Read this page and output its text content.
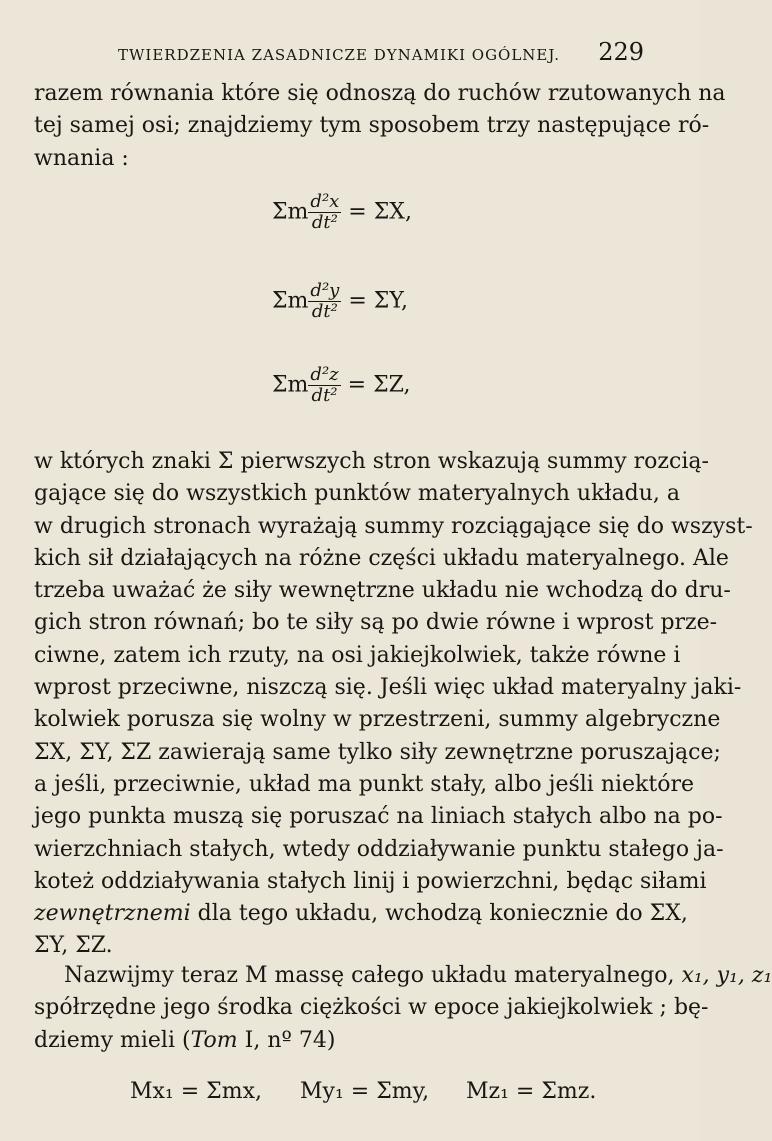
TWIERDZENIA ZASADNICZE DYNAMIKI OGÓLNEJ. 229
razem równania które się odnoszą do ruchów rzutowanych na
tej samej osi; znajdziemy tym sposobem trzy następujące ró-
wnania :
Σm $\frac{\text{d²x}}{\text{dt²}} = \Sigma X$,
Σm $\frac{\text{d²y}}{\text{dt²}} = \Sigma Y$,
Σm $\frac{\text{d²z}}{\text{dt²}} = \Sigma Z$,
w których znaki Σ pierwszych stron wskazują summy rozcią-
gające się do wszystkich punktów materyalnych układu, a
w drugich stronach wyrażają summy rozciągające się do wszyst-
kich sił działających na różne części układu materyalnego. Ale
trzeba uważać że siły wewnętrzne układu nie wchodzą do dru-
gich stron równań; bo te siły są po dwie równe i wprost prze-
ciwne, zatem ich rzuty, na osi jakiejkolwiek, także równe i
wprost przeciwne, niszczą się. Jeśli więc układ materyalny jaki-
kolwiek porusza się wolny w przestrzeni, summy algebryczne
ΣX, ΣY, ΣZ zawierają same tylko siły zewnętrzne poruszające;
a jeśli, przeciwnie, układ ma punkt stały, albo jeśli niektóre
jego punkta muszą się poruszać na liniach stałych albo na po-
wierzchniach stałych, wtedy oddziaływanie punktu stałego ja-
koteż oddziaływania stałych linij i powierzchni, będąc siłami
zewnętrznemi dla tego układu, wchodzą koniecznie do ΣX,
ΣY, ΣZ.
Nazwijmy teraz M massę całego układu materyalnego, x₁, y₁, z₁
spółrzędne jego środka ciężkości w epoce jakiejkolwiek ; bę-
dziemy mieli (Tom I, nº 74)
Mx₁ = Σmx, My₁ = Σmy, Mz₁ = Σmz.
